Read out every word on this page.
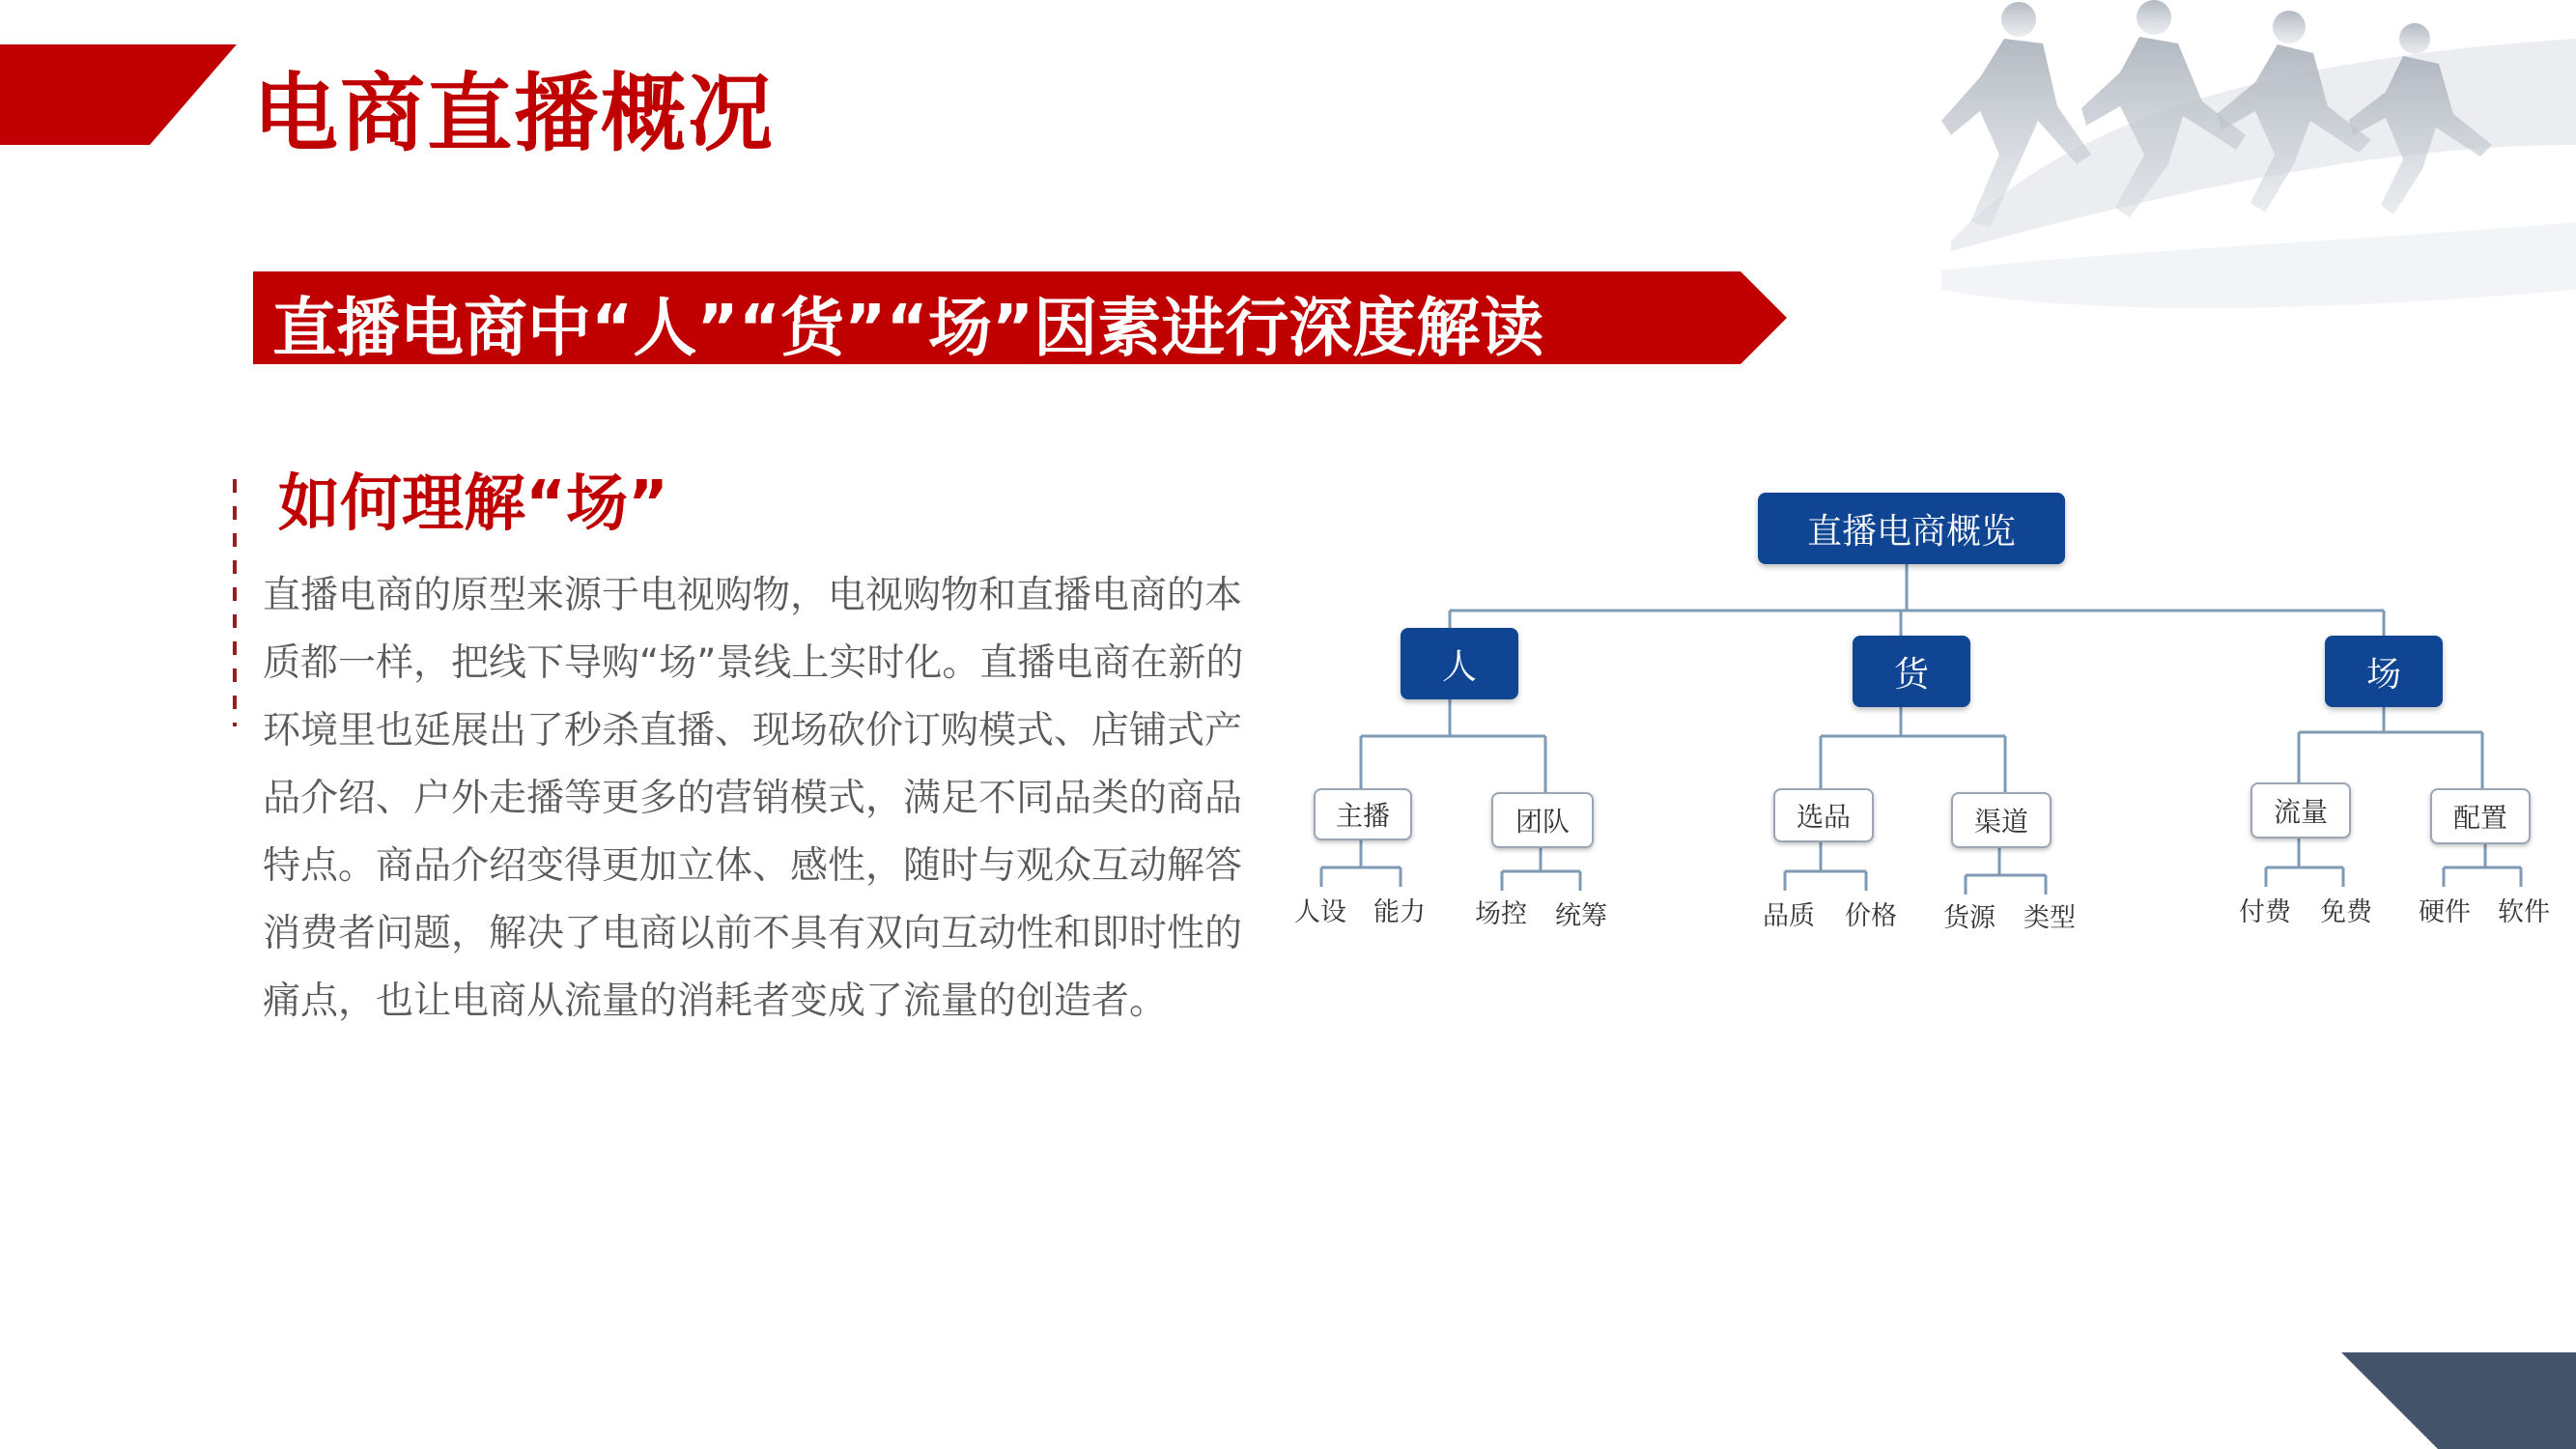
电商直播概况
直播电商中“人”“货”“场”因素进行深度解读
如何理解“场”
直播电商的原型来源于电视购物，电视购物和直播电商的本质都一样，把线下导购“场”景线上实时化。直播电商在新的环境里也延展出了秒杀直播、现场砍价订购模式、店铺式产品介绍、户外走播等更多的营销模式，满足不同品类的商品特点。商品介绍变得更加立体、感性，随时与观众互动解答消费者问题，解决了电商以前不具有双向互动性和即时性的痛点，也让电商从流量的消耗者变成了流量的创造者。
直播电商概览
人	货	场
主播	团队	选品	渠道	流量	配置
人设	能力	场控	统筹	品质	价格	货源	类型	付费	免费	硬件	软件
